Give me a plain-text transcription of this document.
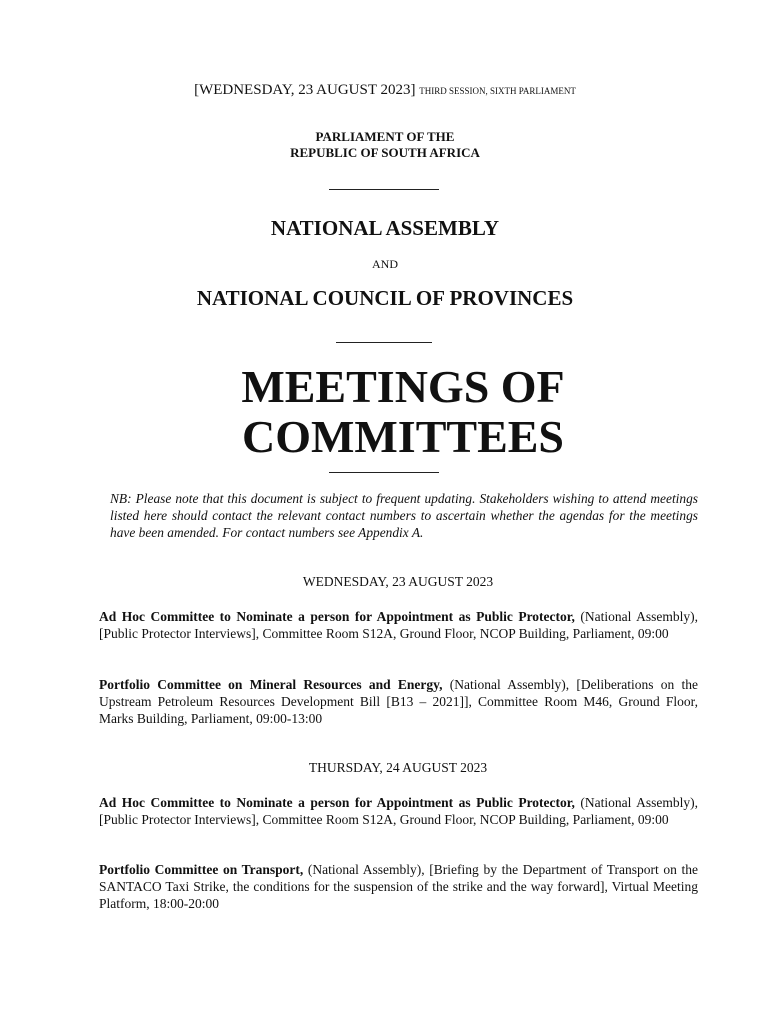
[WEDNESDAY, 23 AUGUST 2023] THIRD SESSION, SIXTH PARLIAMENT
PARLIAMENT OF THE
REPUBLIC OF SOUTH AFRICA
NATIONAL ASSEMBLY
AND
NATIONAL COUNCIL OF PROVINCES
MEETINGS OF
COMMITTEES
NB: Please note that this document is subject to frequent updating. Stakeholders wishing to attend meetings listed here should contact the relevant contact numbers to ascertain whether the agendas for the meetings have been amended. For contact numbers see Appendix A.
WEDNESDAY, 23 AUGUST 2023
Ad Hoc Committee to Nominate a person for Appointment as Public Protector, (National Assembly), [Public Protector Interviews], Committee Room S12A, Ground Floor, NCOP Building, Parliament, 09:00
Portfolio Committee on Mineral Resources and Energy, (National Assembly), [Deliberations on the Upstream Petroleum Resources Development Bill [B13 – 2021]], Committee Room M46, Ground Floor, Marks Building, Parliament, 09:00-13:00
THURSDAY, 24 AUGUST 2023
Ad Hoc Committee to Nominate a person for Appointment as Public Protector, (National Assembly), [Public Protector Interviews], Committee Room S12A, Ground Floor, NCOP Building, Parliament, 09:00
Portfolio Committee on Transport, (National Assembly), [Briefing by the Department of Transport on the SANTACO Taxi Strike, the conditions for the suspension of the strike and the way forward], Virtual Meeting Platform, 18:00-20:00
